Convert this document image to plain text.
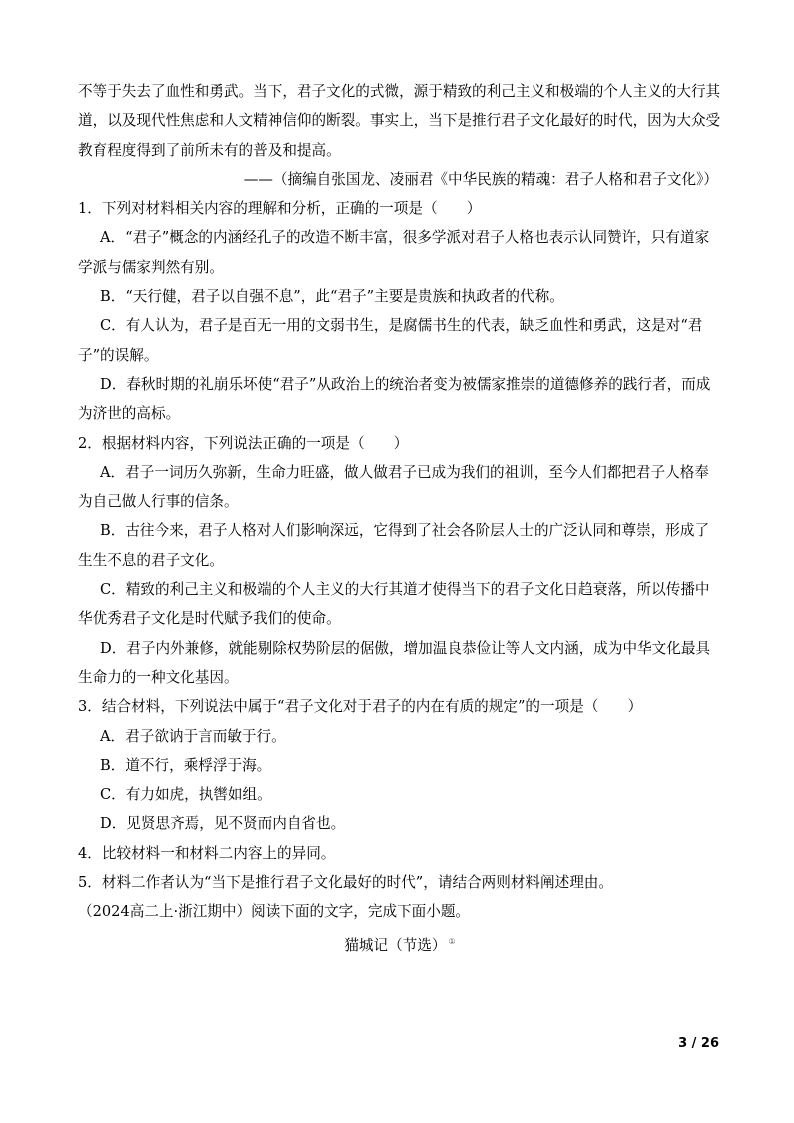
不等于失去了血性和勇武。当下，君子文化的式微，源于精致的利己主义和极端的个人主义的大行其道，以及现代性焦虑和人文精神信仰的断裂。事实上，当下是推行君子文化最好的时代，因为大众受教育程度得到了前所未有的普及和提高。

——（摘编自张国龙、凌丽君《中华民族的精魂：君子人格和君子文化》）

1．下列对材料相关内容的理解和分析，正确的一项是（　　）

A．“君子”概念的内涵经孔子的改造不断丰富，很多学派对君子人格也表示认同赞许，只有道家学派与儒家判然有别。

B．“天行健，君子以自强不息”，此“君子”主要是贵族和执政者的代称。

C．有人认为，君子是百无一用的文弱书生，是腐儒书生的代表，缺乏血性和勇武，这是对“君子”的误解。

D．春秋时期的礼崩乐坏使“君子”从政治上的统治者变为被儒家推崇的道德修养的践行者，而成为济世的高标。

2．根据材料内容，下列说法正确的一项是（　　）

A．君子一词历久弥新，生命力旺盛，做人做君子已成为我们的祖训，至今人们都把君子人格奉为自己做人行事的信条。

B．古往今来，君子人格对人们影响深远，它得到了社会各阶层人士的广泛认同和尊崇，形成了生生不息的君子文化。

C．精致的利己主义和极端的个人主义的大行其道才使得当下的君子文化日趋衰落，所以传播中华优秀君子文化是时代赋予我们的使命。

D．君子内外兼修，就能剔除权势阶层的倨傲，增加温良恭俭让等人文内涵，成为中华文化最具生命力的一种文化基因。

3．结合材料，下列说法中属于“君子文化对于君子的内在有质的规定”的一项是（　　）

A．君子欲讷于言而敏于行。

B．道不行，乘桴浮于海。

C．有力如虎，执辔如组。

D．见贤思齐焉，见不贤而内自省也。

4．比较材料一和材料二内容上的异同。

5．材料二作者认为“当下是推行君子文化最好的时代”，请结合两则材料阐述理由。

（2024高二上·浙江期中）阅读下面的文字，完成下面小题。

猫城记（节选） ①

3 / 26
